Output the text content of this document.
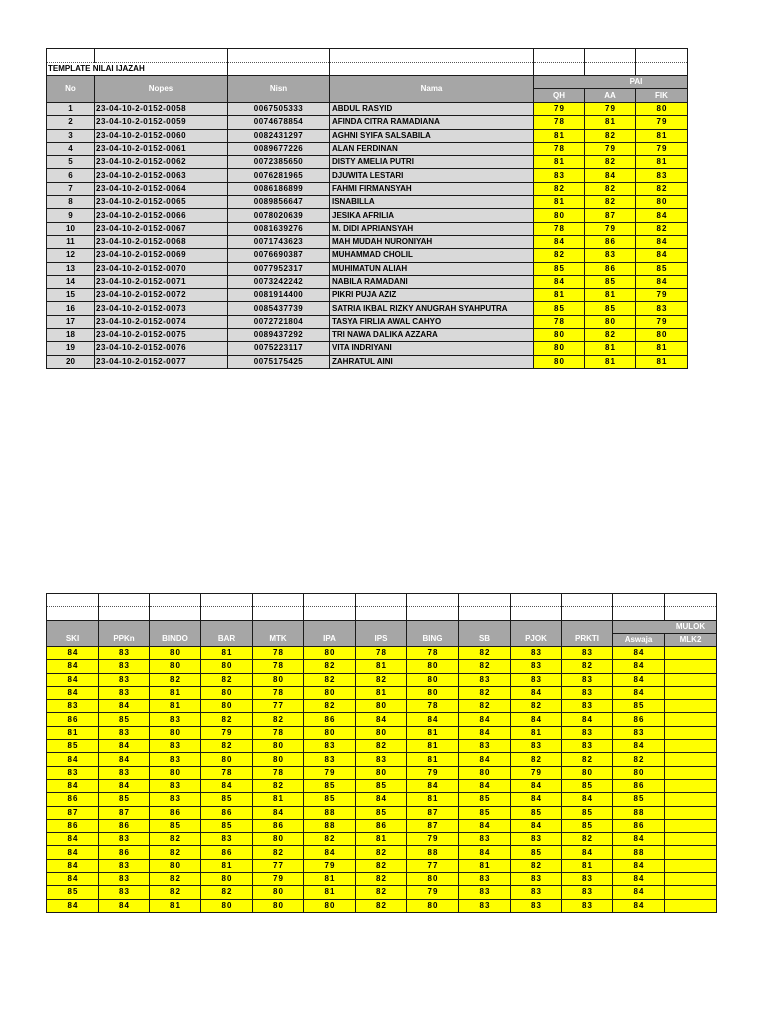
TEMPLATE NILAI IJAZAH						
No	Nopes	Nisn	Nama	PAI		
				QH	AA	FIK
1	23-04-10-2-0152-0058	0067505333	ABDUL RASYID	79	79	80
2	23-04-10-2-0152-0059	0074678854	AFINDA CITRA RAMADIANA	78	81	79
3	23-04-10-2-0152-0060	0082431297	AGHNI SYIFA SALSABILA	81	82	81
4	23-04-10-2-0152-0061	0089677226	ALAN FERDINAN	78	79	79
5	23-04-10-2-0152-0062	0072385650	DISTY AMELIA PUTRI	81	82	81
6	23-04-10-2-0152-0063	0076281965	DJUWITA LESTARI	83	84	83
7	23-04-10-2-0152-0064	0086186899	FAHMI FIRMANSYAH	82	82	82
8	23-04-10-2-0152-0065	0089856647	ISNABILLA	81	82	80
9	23-04-10-2-0152-0066	0078020639	JESIKA AFRILIA	80	87	84
10	23-04-10-2-0152-0067	0081639276	M. DIDI APRIANSYAH	78	79	82
11	23-04-10-2-0152-0068	0071743623	MAH MUDAH NURONIYAH	84	86	84
12	23-04-10-2-0152-0069	0076690387	MUHAMMAD CHOLIL	82	83	84
13	23-04-10-2-0152-0070	0077952317	MUHIMATUN ALIAH	85	86	85
14	23-04-10-2-0152-0071	0073242242	NABILA RAMADANI	84	85	84
15	23-04-10-2-0152-0072	0081914400	PIKRI PUJA AZIZ	81	81	79
16	23-04-10-2-0152-0073	0085437739	SATRIA IKBAL RIZKY ANUGRAH SYAHPUTRA	85	85	83
17	23-04-10-2-0152-0074	0072721804	TASYA FIRLIA AWAL CAHYO	78	80	79
18	23-04-10-2-0152-0075	0089437292	TRI NAWA DALIKA AZZARA	80	82	80
19	23-04-10-2-0152-0076	0075223117	VITA INDRIYANI	80	81	81
20	23-04-10-2-0152-0077	0075175425	ZAHRATUL AINI	80	81	81

SKI	PPKn	BINDO	BAR	MTK	IPA	IPS	BING	SB	PJOK	PRKTI	MULOK	
											Aswaja	MLK2
84	83	80	81	78	80	78	78	82	83	83	84	
84	83	80	80	78	82	81	80	82	83	82	84	
84	83	82	82	80	82	82	80	83	83	83	84	
84	83	81	80	78	80	81	80	82	84	83	84	
83	84	81	80	77	82	80	78	82	82	83	85	
86	85	83	82	82	86	84	84	84	84	84	86	
81	83	80	79	78	80	80	81	84	81	83	83	
85	84	83	82	80	83	82	81	83	83	83	84	
84	84	83	80	80	83	83	81	84	82	82	82	
83	83	80	78	78	79	80	79	80	79	80	80	
84	84	83	84	82	85	85	84	84	84	85	86	
86	85	83	85	81	85	84	81	85	84	84	85	
87	87	86	86	84	88	85	87	85	85	85	88	
86	86	85	85	86	88	86	87	84	84	85	86	
84	83	82	83	80	82	81	79	83	83	82	84	
84	86	82	86	82	84	82	88	84	85	84	88	
84	83	80	81	77	79	82	77	81	82	81	84	
84	83	82	80	79	81	82	80	83	83	83	84	
85	83	82	82	80	81	82	79	83	83	83	84	
84	84	81	80	80	80	82	80	83	83	83	84	
